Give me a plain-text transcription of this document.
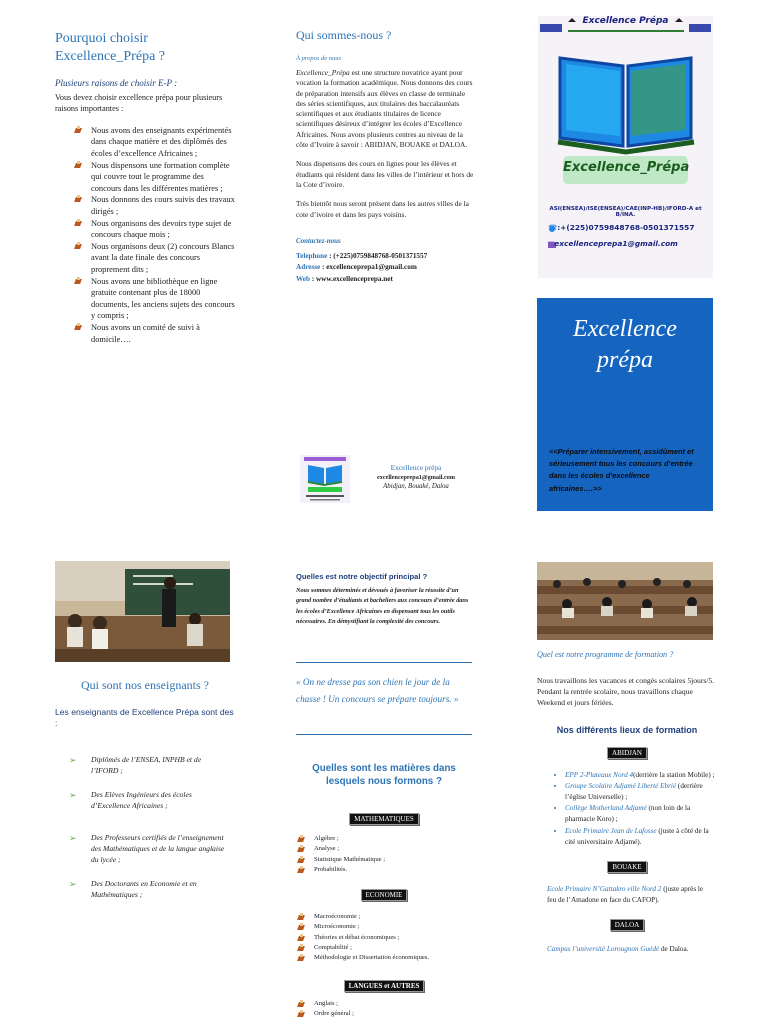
Pourquoi choisir Excellence_Prépa ?
Plusieurs raisons de choisir E-P :

Vous devez choisir excellence prépa pour plusieurs raisons importantes :

Nous avons des enseignants expérimentés dans chaque matière et des diplômés des écoles d’excellence Africaines ;
Nous dispensons une formation complète qui couvre tout le programme des concours dans les différentes matières ;
Nous donnons des cours suivis des travaux dirigés ;
Nous organisons des devoirs type sujet de concours chaque mois ;
Nous organisons deux (2) concours Blancs avant la date finale des concours proprement dits ;
Nous avons une bibliothèque en ligne gratuite contenant plus de 18000 documents, les anciens sujets des concours y compris ;
Nous avons un comité de suivi à domicile….
Qui sont nos enseignants ?
Les enseignants de Excellence Prépa sont des :
➢ Diplômés de l’ENSEA, INPHB et de l’IFORD ;
➢ Des Elèves Ingénieurs des écoles d’Excellence Africaines ;
➢ Des Professeurs certifiés de l’enseignement des Mathématiques et de la langue anglaise du lycée ;
➢ Des Doctorants en Economie et en Mathématiques ;
Qui sommes-nous ?
À propos de nous

Excellence_Prépa est une structure novatrice ayant pour vocation la formation académique. Nous donnons des cours de préparation intensifs aux élèves en classe de terminale des séries scientifiques, aux titulaires des baccalauréats scientifiques et aux étudiants titulaires de licence scientifiques désireux d’intégrer les écoles d’Excellence Africaines. Nous avons plusieurs centres au niveau de la côte d’Ivoire à savoir : ABIDJAN, BOUAKE et DALOA.

Nous dispensons des cours en lignes pour les élèves et étudiants qui résident dans les villes de l’intérieur et hors de la Cote d’ivoire.

Très bientôt nous seront présent dans les autres villes de la cote d’ivoire et dans les pays voisins.

Contactez-nous
Telephone : (+225)0759848768-0501371557
Adresse : excellenceprepa1@gmail.com
Web : www.excellenceprepa.net
Excellence prépa
excellenceprepa1@gmail.com
Abidjan, Bouaké, Daloa
Quelles est notre objectif principal ?

Nous sommes déterminés et dévoués à favoriser la réussite d’un grand nombre d’étudiants et bacheliers aux concours d’entrée dans les écoles d’Excellence Africaines en dispensant tous les outils nécessaires. En démystifiant la complexité des concours.

« On ne dresse pas son chien le jour de la chasse ! Un concours se prépare toujours. »
Quelles sont les matières dans lesquels nous formons ?
MATHEMATIQUES
Algèbre ;
Analyse ;
Statistique Mathématique ;
Probabilités.
ECONOMIE
Macroéconomie ;
Microéconomie ;
Théories et débat économiques ;
Comptabilité ;
Méthodologie et Dissertation économiques.
LANGUES et AUTRES
Anglais ;
Ordre général ;
Excellence Prépa
Excellence_Prépa
ASI(ENSEA)/ISE(ENSEA)/CAE(INP-HB)/IFORD-A et B/INA.
☎:+(225)0759848768-0501371557
✉excellenceprepa1@gmail.com
Excellence prépa
<<Préparer intensivement, assidûment et sérieusement tous les concours d’entrée dans les écoles d’excellence africaines….>>
Quel est notre programme de formation ?

Nous travaillons les vacances et congés scolaires 5jours/5. Pendant la rentrée scolaire, nous travaillons chaque Weekend et jours fériées.

Nos différents lieux de formation
ABIDJAN
• EPP 2-Plateaux Nord 4(derrière la station Mobile) ;
• Groupe Scolaire Adjamé Liberté Ebrié (derrière l’église Universelle) ;
• Collège Motherland Adjamé (non loin de la pharmacie Koro) ;
• Ecole Primaire Jean de Lafosse (juste à côté de la cité universitaire Adjamé).
BOUAKE

Ecole Primaire N’Gattakro ville Nord 2 (juste après le feu de l’Amadone en face du CAFOP).

DALOA

Campus l’université Lorougnon Guédé de Daloa.
